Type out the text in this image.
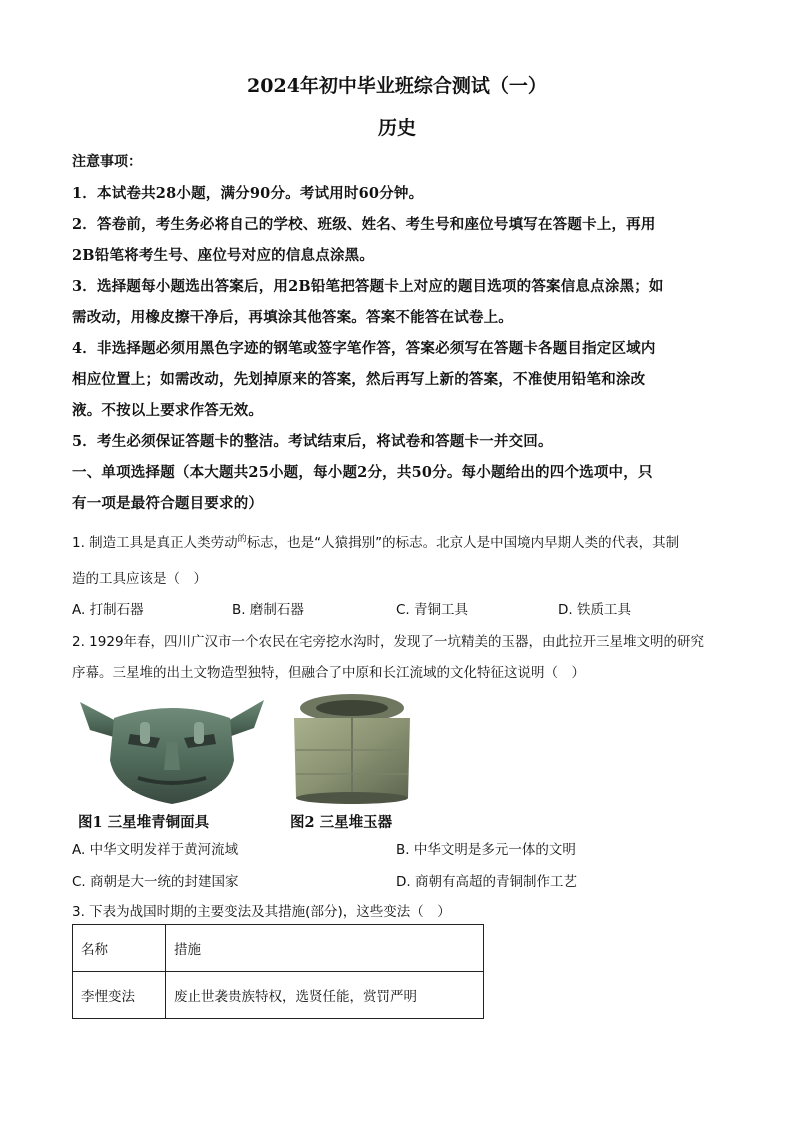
2024年初中毕业班综合测试（一）
历史
注意事项：
1．本试卷共28小题，满分90分。考试用时60分钟。
2．答卷前，考生务必将自己的学校、班级、姓名、考生号和座位号填写在答题卡上，再用
2B铅笔将考生号、座位号对应的信息点涂黑。
3．选择题每小题选出答案后，用2B铅笔把答题卡上对应的题目选项的答案信息点涂黑；如
需改动，用橡皮擦干净后，再填涂其他答案。答案不能答在试卷上。
4．非选择题必须用黑色字迹的钢笔或签字笔作答，答案必须写在答题卡各题目指定区域内
相应位置上；如需改动，先划掉原来的答案，然后再写上新的答案，不准使用铅笔和涂改
液。不按以上要求作答无效。
5．考生必须保证答题卡的整洁。考试结束后，将试卷和答题卡一并交回。
一、单项选择题（本大题共25小题，每小题2分，共50分。每小题给出的四个选项中，只
有一项是最符合题目要求的）
1. 制造工具是真正人类劳动$^的$标志，也是“人猿揖别”的标志。北京人是中国境内早期人类的代表，其制
造的工具应该是（　）
A. 打制石器	B. 磨制石器	C. 青铜工具	D. 铁质工具
2. 1929年春，四川广汉市一个农民在宅旁挖水沟时，发现了一坑精美的玉器，由此拉开三星堆文明的研究
序幕。三星堆的出土文物造型独特，但融合了中原和长江流域的文化特征这说明（　）
图1 三星堆青铜面具	图2 三星堆玉器
A. 中华文明发祥于黄河流域	B. 中华文明是多元一体的文明
C. 商朝是大一统的封建国家	D. 商朝有高超的青铜制作工艺
3. 下表为战国时期的主要变法及其措施(部分)，这些变法（　）
名称	措施
李悝变法	废止世袭贵族特权，选贤任能，赏罚严明
